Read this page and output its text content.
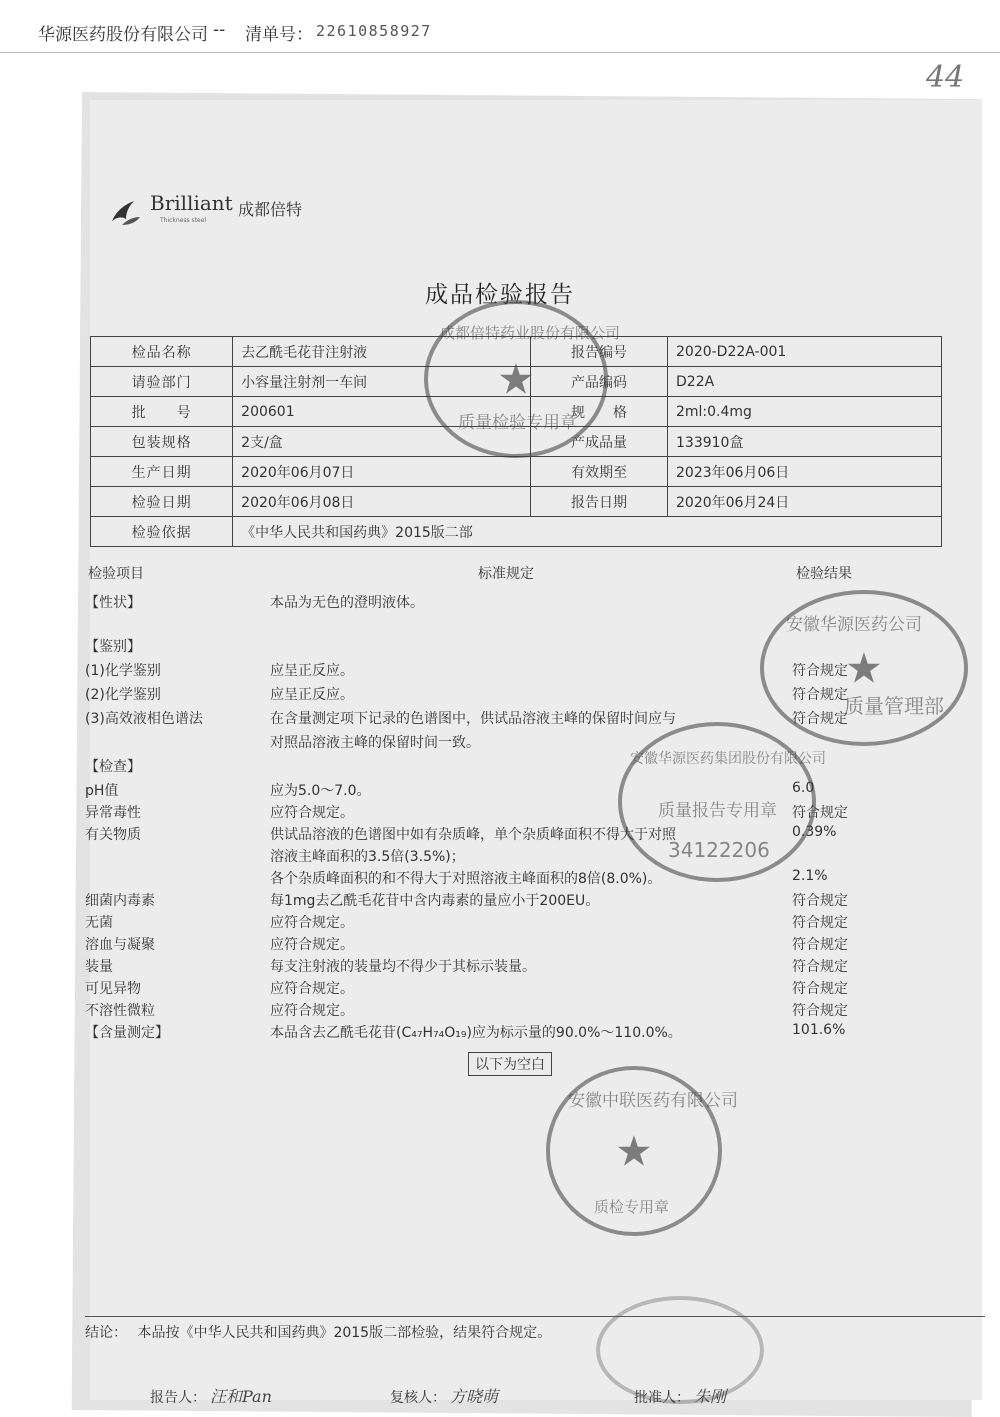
华源医药股份有限公司 -- 清单号： 22610858927
44
Brilliant 成都倍特
Thickness steel
成品检验报告
检品名称	去乙酰毛花苷注射液	报告编号	2020-D22A-001
请验部门	小容量注射剂一车间	产品编码	D22A
批　　号	200601	规　　格	2ml:0.4mg
包装规格	2支/盒	产成品量	133910盒
生产日期	2020年06月07日	有效期至	2023年06月06日
检验日期	2020年06月08日	报告日期	2020年06月24日
检验依据	《中华人民共和国药典》2015版二部		
检验项目	标准规定	检验结果
【性状】	本品为无色的澄明液体。
【鉴别】
(1)化学鉴别	应呈正反应。	符合规定
(2)化学鉴别	应呈正反应。	符合规定
(3)高效液相色谱法	在含量测定项下记录的色谱图中，供试品溶液主峰的保留时间应与	符合规定
对照品溶液主峰的保留时间一致。
【检查】
pH值	应为5.0～7.0。	6.0
异常毒性	应符合规定。	符合规定
有关物质	供试品溶液的色谱图中如有杂质峰，单个杂质峰面积不得大于对照	0.39%
溶液主峰面积的3.5倍(3.5%)；
各个杂质峰面积的和不得大于对照溶液主峰面积的8倍(8.0%)。	2.1%
细菌内毒素	每1mg去乙酰毛花苷中含内毒素的量应小于200EU。	符合规定
无菌	应符合规定。	符合规定
溶血与凝聚	应符合规定。	符合规定
装量	每支注射液的装量均不得少于其标示装量。	符合规定
可见异物	应符合规定。	符合规定
不溶性微粒	应符合规定。	符合规定
【含量测定】	本品含去乙酰毛花苷(C₄₇H₇₄O₁₉)应为标示量的90.0%～110.0%。	101.6%
以下为空白
★
成都倍特药业股份有限公司
质量检验专用章
★
安徽华源医药公司
质量管理部
安徽华源医药集团股份有限公司
质量报告专用章
34122206
★
安徽中联医药有限公司
质检专用章
结论： 本品按《中华人民共和国药典》2015版二部检验，结果符合规定。
报告人： 汪和Pan	复核人： 方晓萌	批准人： 朱刚
